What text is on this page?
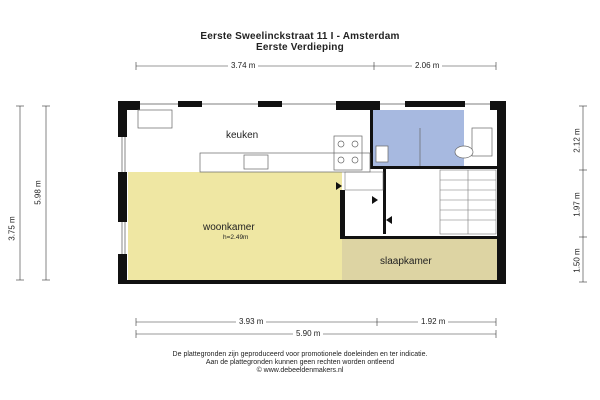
Eerste Sweelinckstraat 11 I - Amsterdam
Eerste Verdieping
3.74 m	2.06 m
3.93 m	1.92 m
5.90 m
5.98 m
3.75 m
2.12 m
1.97 m
1.50 m
keuken
woonkamer
h=2.49m
slaapkamer
De plattegronden zijn geproduceerd voor promotionele doeleinden en ter indicatie.
Aan de plattegronden kunnen geen rechten worden ontleend
© www.debeeldenmakers.nl
